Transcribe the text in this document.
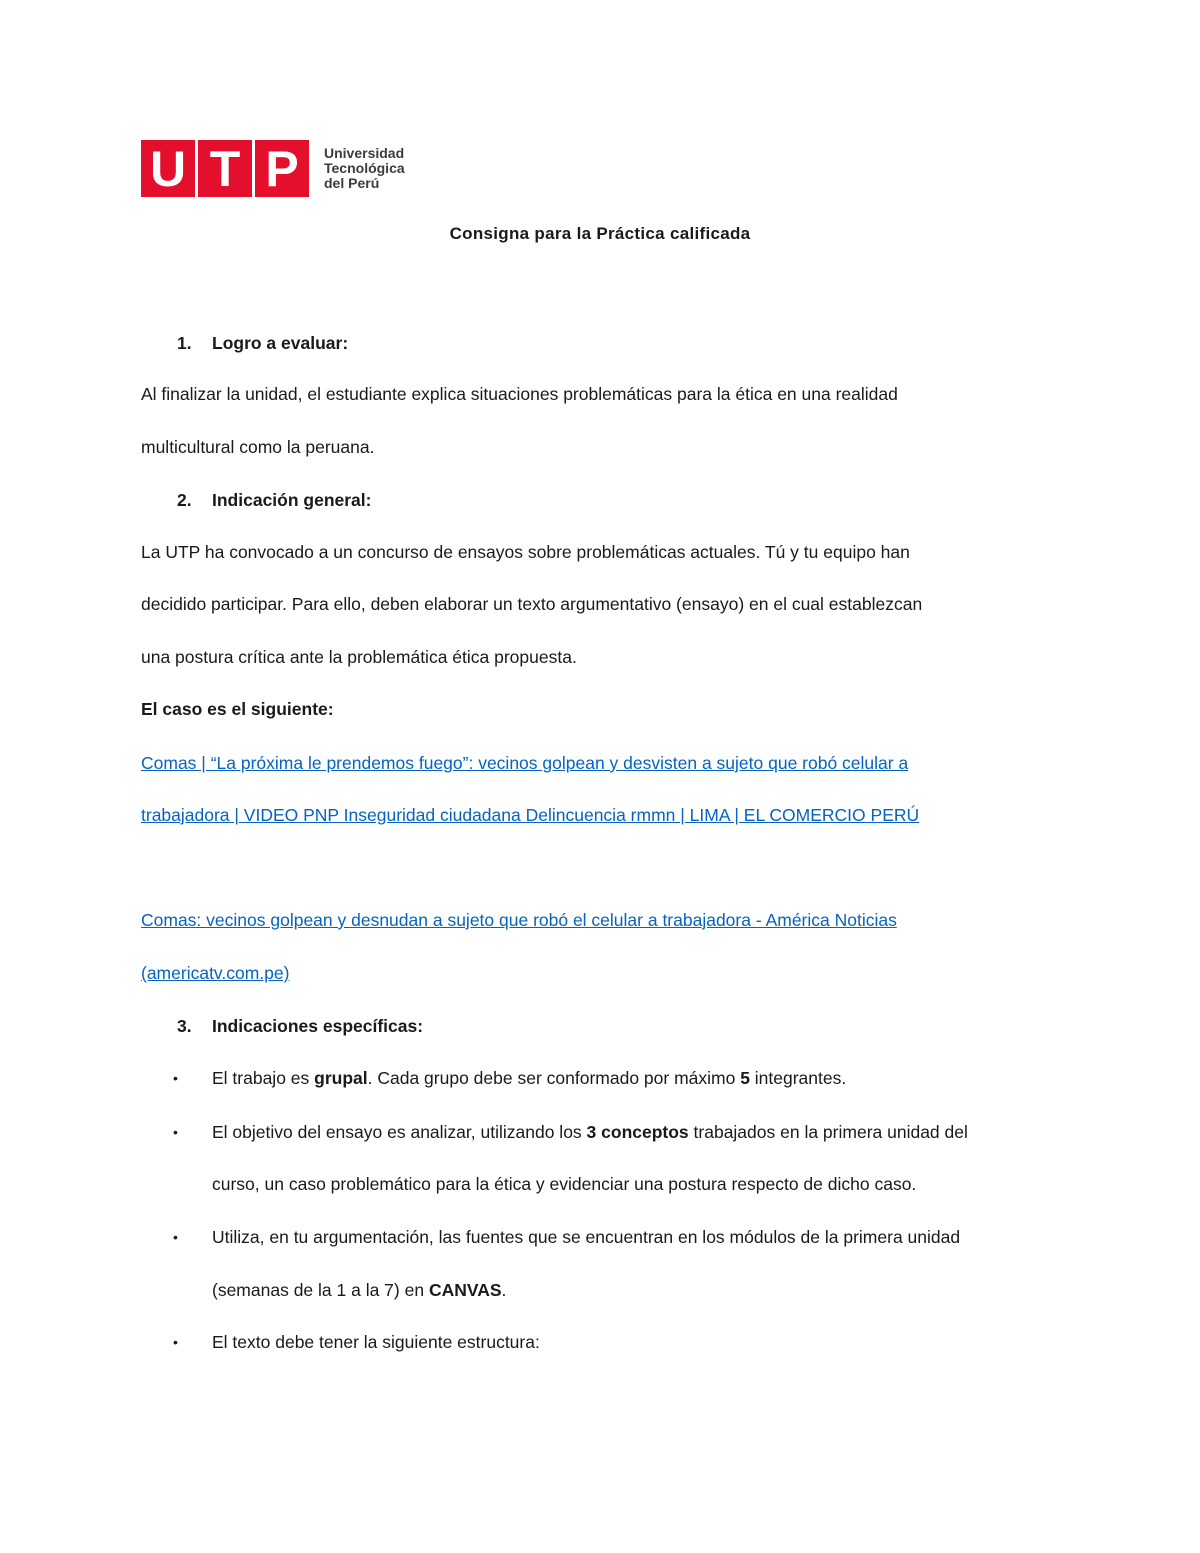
U T P	Universidad
Tecnológica
del Perú
Consigna para la Práctica calificada
1. Logro a evaluar:
Al finalizar la unidad, el estudiante explica situaciones problemáticas para la ética en una realidad
multicultural como la peruana.
2. Indicación general:
La UTP ha convocado a un concurso de ensayos sobre problemáticas actuales. Tú y tu equipo han
decidido participar. Para ello, deben elaborar un texto argumentativo (ensayo) en el cual establezcan
una postura crítica ante la problemática ética propuesta.
El caso es el siguiente:
Comas | “La próxima le prendemos fuego”: vecinos golpean y desvisten a sujeto que robó celular a
trabajadora | VIDEO PNP Inseguridad ciudadana Delincuencia rmmn | LIMA | EL COMERCIO PERÚ
Comas: vecinos golpean y desnudan a sujeto que robó el celular a trabajadora - América Noticias
(americatv.com.pe)
3. Indicaciones específicas:
• El trabajo es grupal. Cada grupo debe ser conformado por máximo 5 integrantes.
• El objetivo del ensayo es analizar, utilizando los 3 conceptos trabajados en la primera unidad del
curso, un caso problemático para la ética y evidenciar una postura respecto de dicho caso.
• Utiliza, en tu argumentación, las fuentes que se encuentran en los módulos de la primera unidad
(semanas de la 1 a la 7) en CANVAS.
• El texto debe tener la siguiente estructura:
